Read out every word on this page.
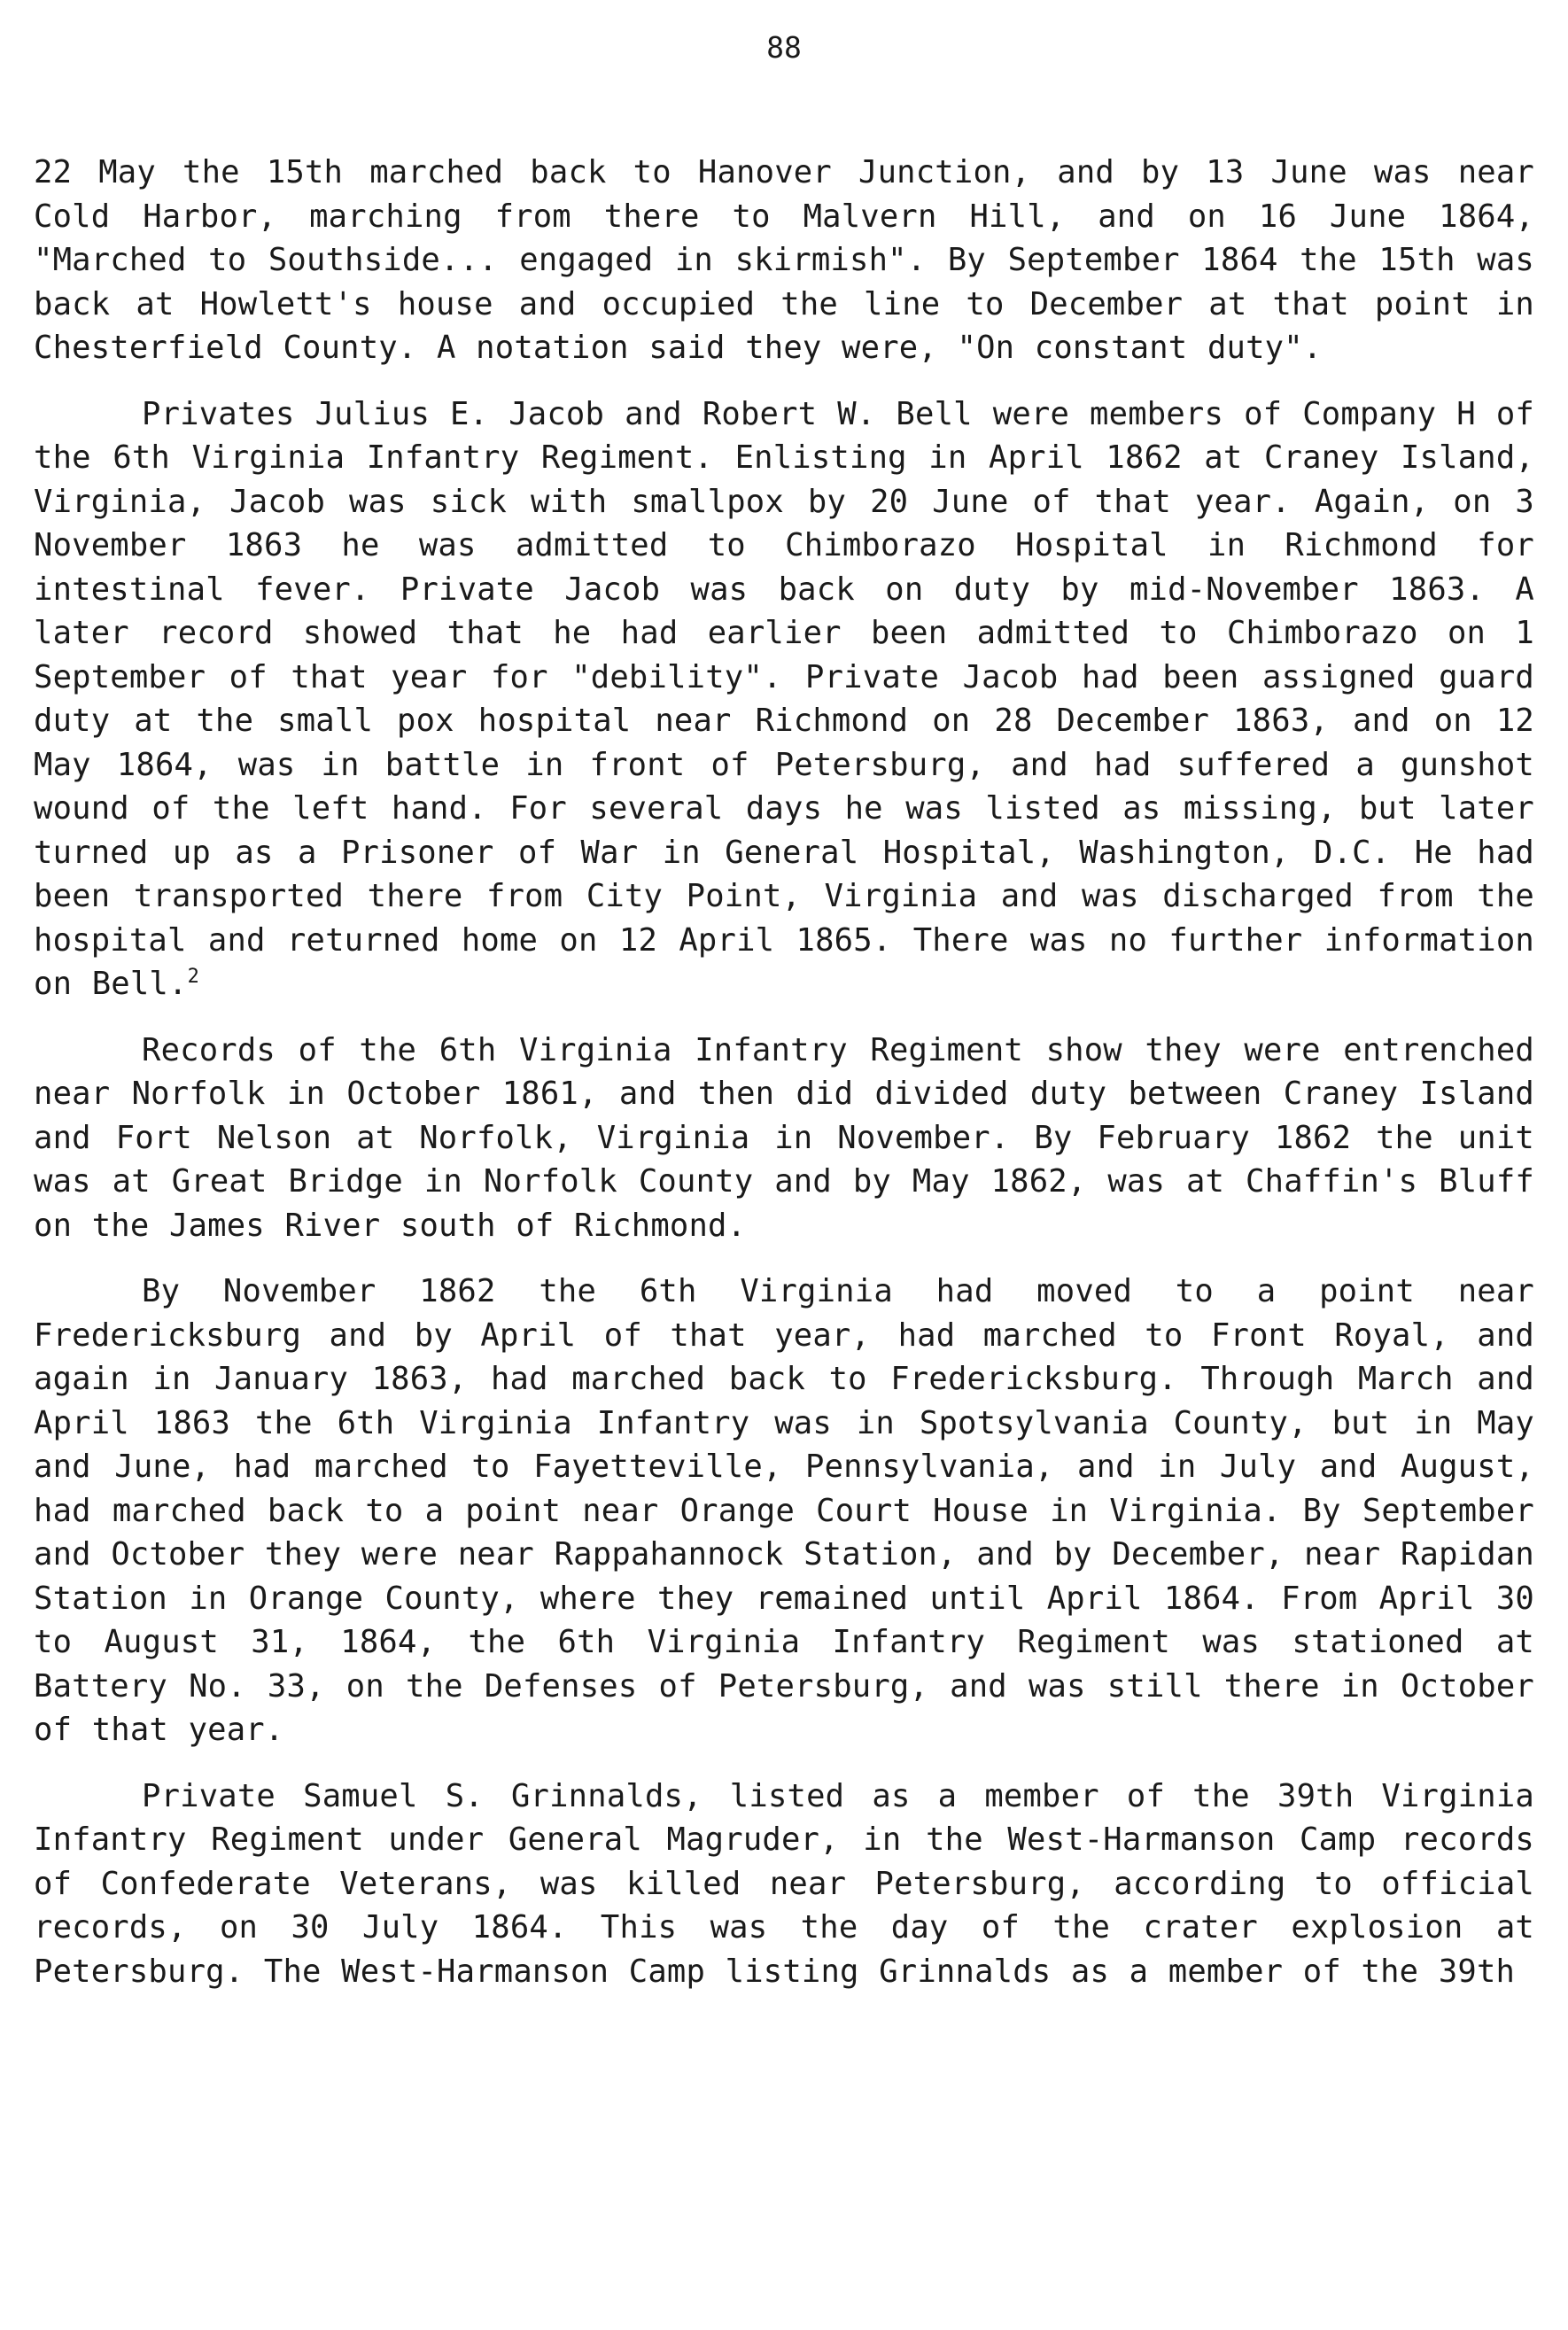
88

22 May the 15th marched back to Hanover Junction, and by 13 June was near Cold Harbor, marching from there to Malvern Hill, and on 16 June 1864, "Marched to Southside... engaged in skirmish". By September 1864 the 15th was back at Howlett's house and occupied the line to December at that point in Chesterfield County. A notation said they were, "On constant duty".

Privates Julius E. Jacob and Robert W. Bell were members of Company H of the 6th Virginia Infantry Regiment. Enlisting in April 1862 at Craney Island, Virginia, Jacob was sick with smallpox by 20 June of that year. Again, on 3 November 1863 he was admitted to Chimborazo Hospital in Richmond for intestinal fever. Private Jacob was back on duty by mid-November 1863. A later record showed that he had earlier been admitted to Chimborazo on 1 September of that year for "debility". Private Jacob had been assigned guard duty at the small pox hospital near Richmond on 28 December 1863, and on 12 May 1864, was in battle in front of Petersburg, and had suffered a gunshot wound of the left hand. For several days he was listed as missing, but later turned up as a Prisoner of War in General Hospital, Washington, D.C. He had been transported there from City Point, Virginia and was discharged from the hospital and returned home on 12 April 1865. There was no further information on Bell.$^2$

Records of the 6th Virginia Infantry Regiment show they were entrenched near Norfolk in October 1861, and then did divided duty between Craney Island and Fort Nelson at Norfolk, Virginia in November. By February 1862 the unit was at Great Bridge in Norfolk County and by May 1862, was at Chaffin's Bluff on the James River south of Richmond.

By November 1862 the 6th Virginia had moved to a point near Fredericksburg and by April of that year, had marched to Front Royal, and again in January 1863, had marched back to Fredericksburg. Through March and April 1863 the 6th Virginia Infantry was in Spotsylvania County, but in May and June, had marched to Fayetteville, Pennsylvania, and in July and August, had marched back to a point near Orange Court House in Virginia. By September and October they were near Rappahannock Station, and by December, near Rapidan Station in Orange County, where they remained until April 1864. From April 30 to August 31, 1864, the 6th Virginia Infantry Regiment was stationed at Battery No. 33, on the Defenses of Petersburg, and was still there in October of that year.

Private Samuel S. Grinnalds, listed as a member of the 39th Virginia Infantry Regiment under General Magruder, in the West-Harmanson Camp records of Confederate Veterans, was killed near Petersburg, according to official records, on 30 July 1864. This was the day of the crater explosion at Petersburg. The West-Harmanson Camp listing Grinnalds as a member of the 39th
